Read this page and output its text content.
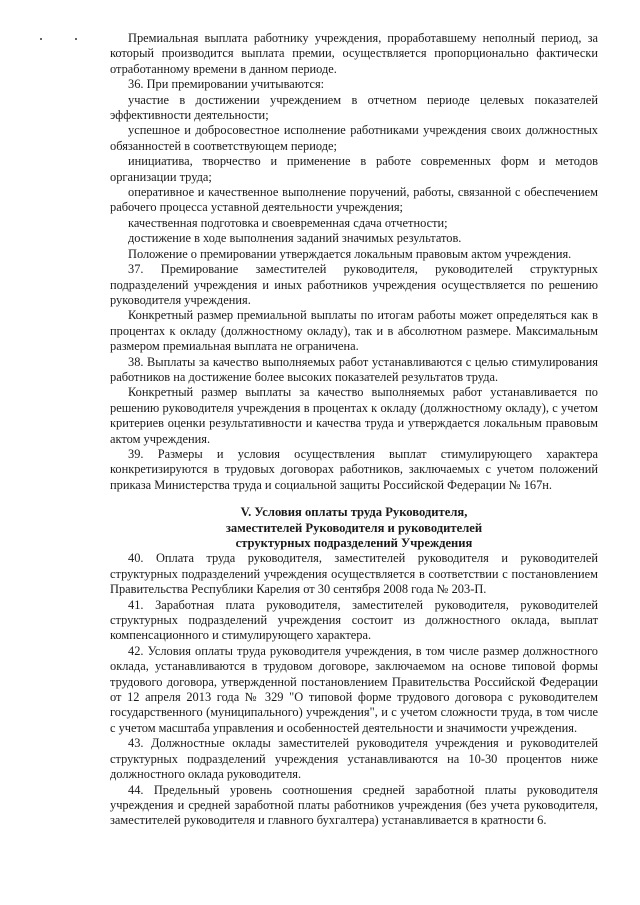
Премиальная выплата работнику учреждения, проработавшему неполный период, за который производится выплата премии, осуществляется пропорционально фактически отработанному времени в данном периоде.

36. При премировании учитываются:

участие в достижении учреждением в отчетном периоде целевых показателей эффективности деятельности;

успешное и добросовестное исполнение работниками учреждения своих должностных обязанностей в соответствующем периоде;

инициатива, творчество и применение в работе современных форм и методов организации труда;

оперативное и качественное выполнение поручений, работы, связанной с обеспечением рабочего процесса уставной деятельности учреждения;

качественная подготовка и своевременная сдача отчетности;

достижение в ходе выполнения заданий значимых результатов.

Положение о премировании утверждается локальным правовым актом учреждения.

37. Премирование заместителей руководителя, руководителей структурных подразделений учреждения и иных работников учреждения осуществляется по решению руководителя учреждения.

Конкретный размер премиальной выплаты по итогам работы может определяться как в процентах к окладу (должностному окладу), так и в абсолютном размере. Максимальным размером премиальная выплата не ограничена.

38. Выплаты за качество выполняемых работ устанавливаются с целью стимулирования работников на достижение более высоких показателей результатов труда.

Конкретный размер выплаты за качество выполняемых работ устанавливается по решению руководителя учреждения в процентах к окладу (должностному окладу), с учетом критериев оценки результативности и качества труда и утверждается локальным правовым актом учреждения.

39. Размеры и условия осуществления выплат стимулирующего характера конкретизируются в трудовых договорах работников, заключаемых с учетом положений приказа Министерства труда и социальной защиты Российской Федерации № 167н.

V. Условия оплаты труда Руководителя,
заместителей Руководителя и руководителей
структурных подразделений Учреждения

40. Оплата труда руководителя, заместителей руководителя и руководителей структурных подразделений учреждения осуществляется в соответствии с постановлением Правительства Республики Карелия от 30 сентября 2008 года № 203-П.

41. Заработная плата руководителя, заместителей руководителя, руководителей структурных подразделений учреждения состоит из должностного оклада, выплат компенсационного и стимулирующего характера.

42. Условия оплаты труда руководителя учреждения, в том числе размер должностного оклада, устанавливаются в трудовом договоре, заключаемом на основе типовой формы трудового договора, утвержденной постановлением Правительства Российской Федерации от 12 апреля 2013 года № 329 "О типовой форме трудового договора с руководителем государственного (муниципального) учреждения", и с учетом сложности труда, в том числе с учетом масштаба управления и особенностей деятельности и значимости учреждения.

43. Должностные оклады заместителей руководителя учреждения и руководителей структурных подразделений учреждения устанавливаются на 10-30 процентов ниже должностного оклада руководителя.

44. Предельный уровень соотношения средней заработной платы руководителя учреждения и средней заработной платы работников учреждения (без учета руководителя, заместителей руководителя и главного бухгалтера) устанавливается в кратности 6.
